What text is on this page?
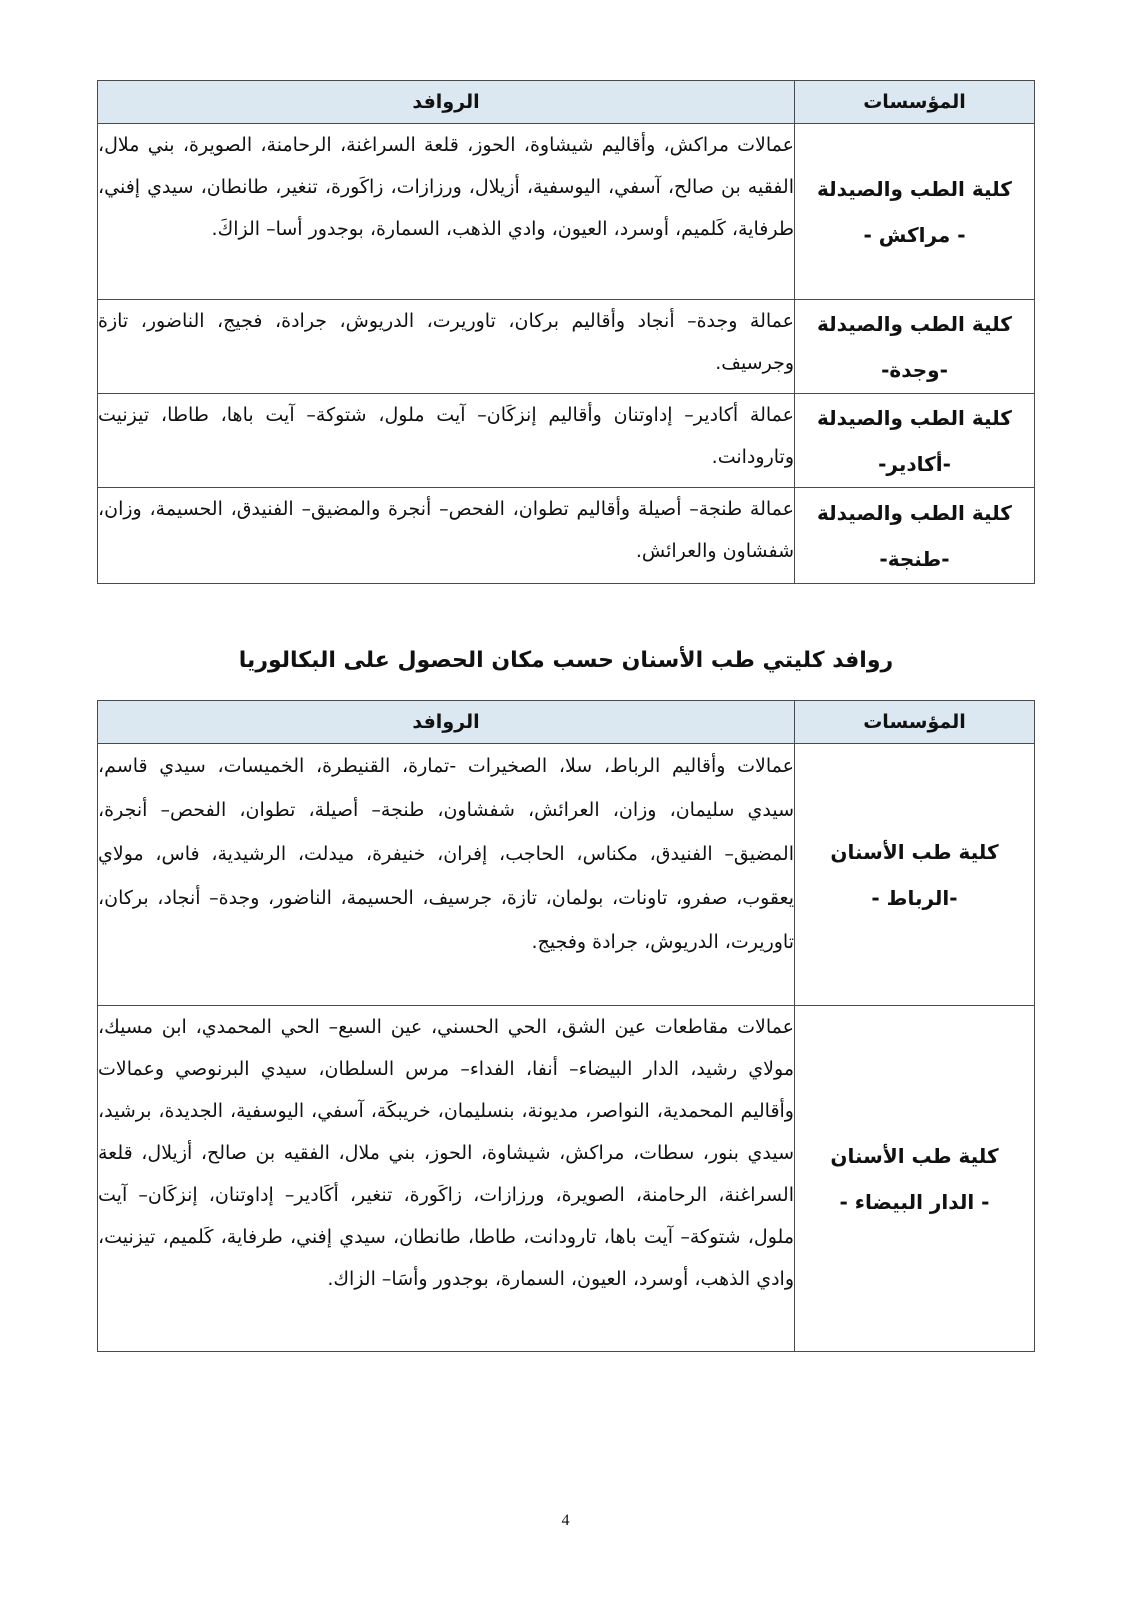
المؤسسات	الروافد

كلية الطب والصيدلة
- مراكش -	عمالات مراكش، وأقاليم شيشاوة، الحوز، قلعة السراغنة، الرحامنة، الصويرة، بني ملال، الفقيه بن صالح، آسفي، اليوسفية، أزيلال، ورزازات، زاكَورة، تنغير، طانطان، سيدي إفني، طرفاية، كَلميم، أوسرد، العيون، وادي الذهب، السمارة، بوجدور أسا– الزاكَ.

كلية الطب والصيدلة
-وجدة-	عمالة وجدة– أنجاد وأقاليم بركان، تاوريرت، الدريوش، جرادة، فجيج، الناضور، تازة وجرسيف.

كلية الطب والصيدلة
-أكادير-	عمالة أكادير– إداوتنان وأقاليم إنزكَان– آيت ملول، شتوكة– آيت باها، طاطا، تيزنيت وتارودانت.

كلية الطب والصيدلة
-طنجة-	عمالة طنجة– أصيلة وأقاليم تطوان، الفحص– أنجرة والمضيق– الفنيدق، الحسيمة، وزان، شفشاون والعرائش.
روافد كليتي طب الأسنان حسب مكان الحصول على البكالوريا
المؤسسات	الروافد

كلية طب الأسنان
-الرباط -	عمالات وأقاليم الرباط، سلا، الصخيرات -تمارة، القنيطرة، الخميسات، سيدي قاسم، سيدي سليمان، وزان، العرائش، شفشاون، طنجة– أصيلة، تطوان، الفحص– أنجرة، المضيق– الفنيدق، مكناس، الحاجب، إفران، خنيفرة، ميدلت، الرشيدية، فاس، مولاي يعقوب، صفرو، تاونات، بولمان، تازة، جرسيف، الحسيمة، الناضور، وجدة– أنجاد، بركان، تاوريرت، الدريوش، جرادة وفجيج.

كلية طب الأسنان
- الدار البيضاء -	عمالات مقاطعات عين الشق، الحي الحسني، عين السبع– الحي المحمدي، ابن مسيك، مولاي رشيد، الدار البيضاء– أنفا، الفداء– مرس السلطان، سيدي البرنوصي وعمالات وأقاليم المحمدية، النواصر، مديونة، بنسليمان، خريبكَة، آسفي، اليوسفية، الجديدة، برشيد، سيدي بنور، سطات، مراكش، شيشاوة، الحوز، بني ملال، الفقيه بن صالح، أزيلال، قلعة السراغنة، الرحامنة، الصويرة، ورزازات، زاكَورة، تنغير، أكَادير– إداوتنان، إنزكَان– آيت ملول، شتوكة– آيت باها، تارودانت، طاطا، طانطان، سيدي إفني، طرفاية، كَلميم، تيزنيت، وادي الذهب، أوسرد، العيون، السمارة، بوجدور وأسَا– الزاك.
4
